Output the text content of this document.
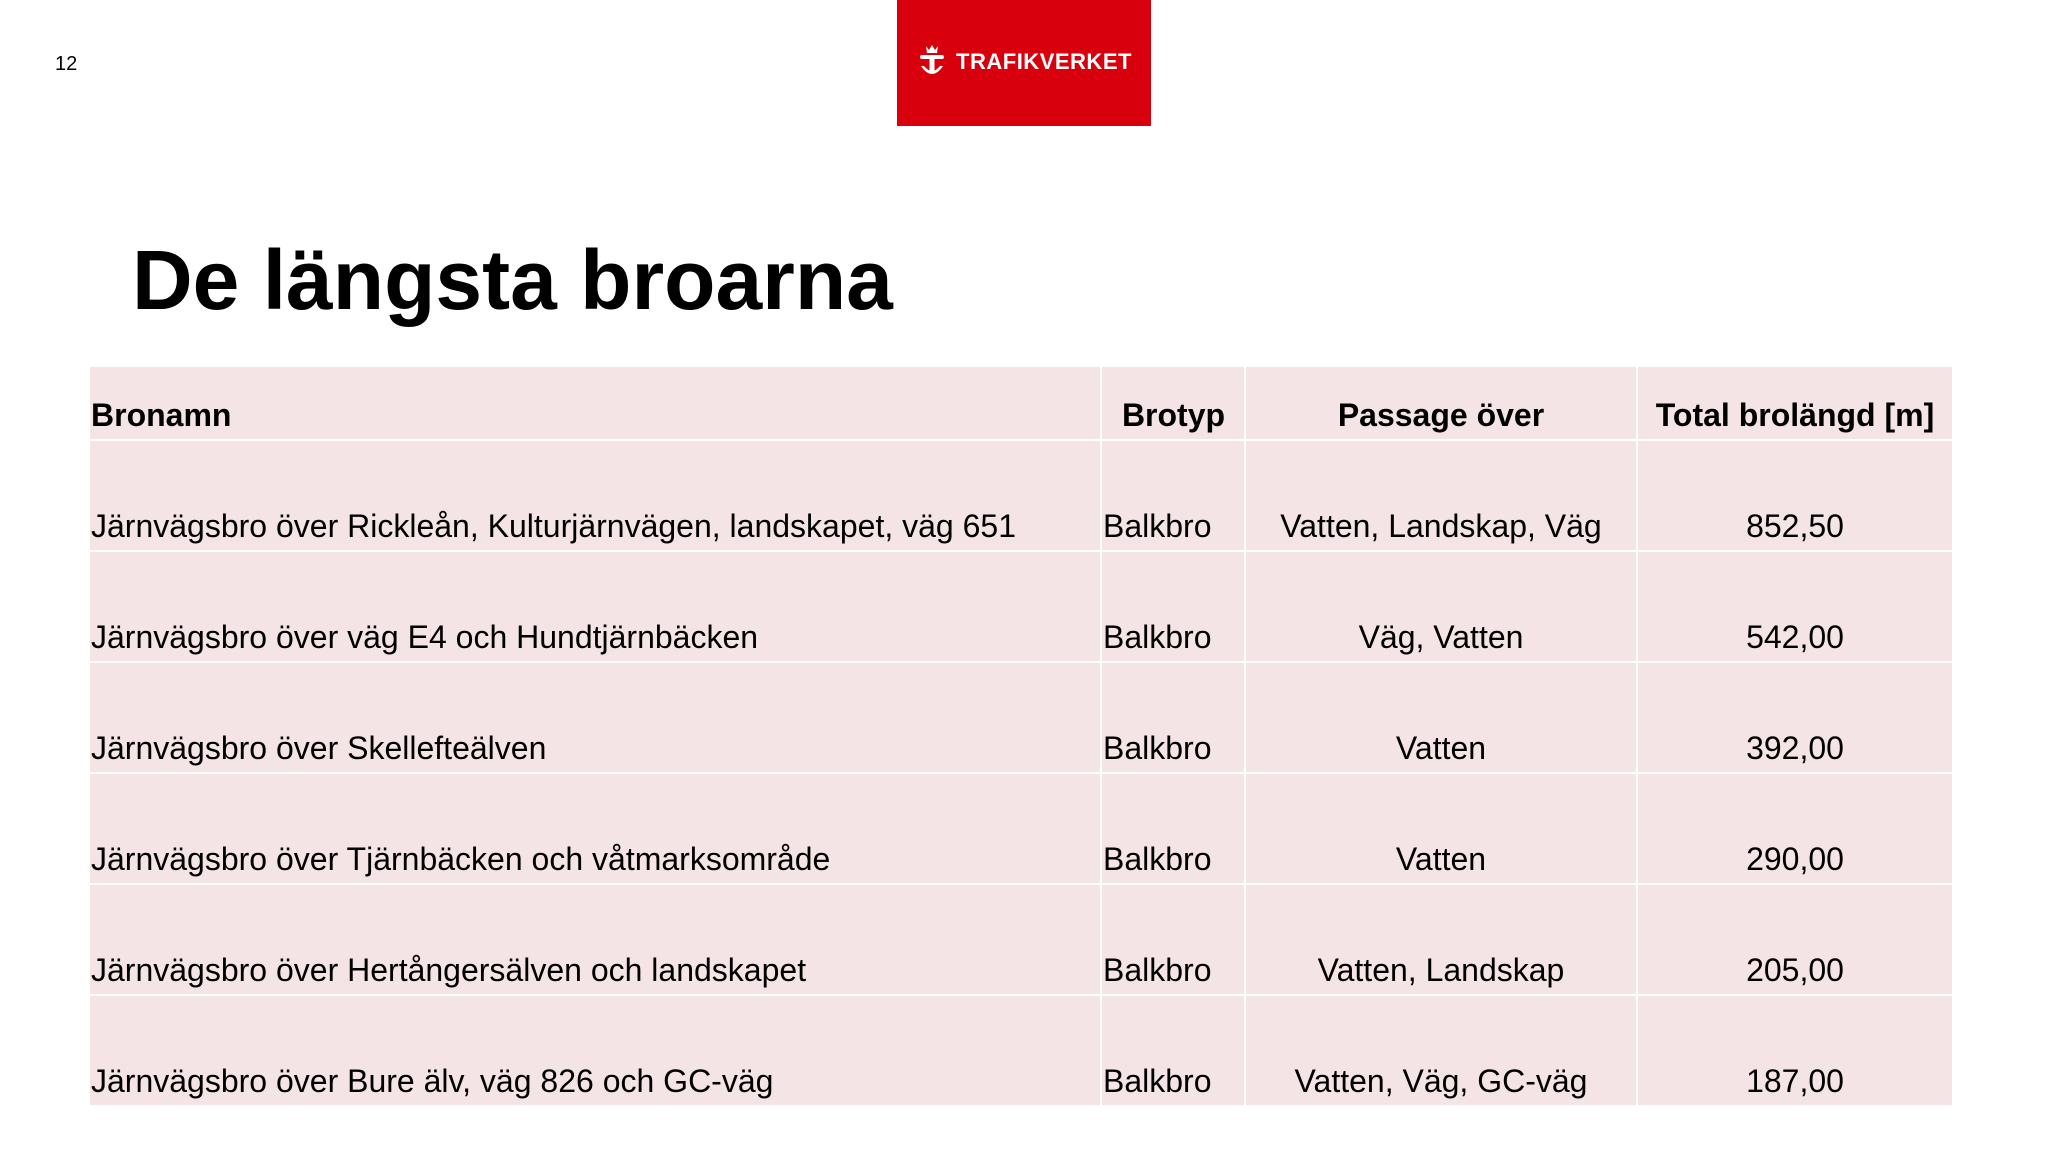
12	TRAFIKVERKET
De längsta broarna
Bronamn	Brotyp	Passage över	Total brolängd [m]
Järnvägsbro över Rickleån, Kulturjärnvägen, landskapet, väg 651	Balkbro	Vatten, Landskap, Väg	852,50
Järnvägsbro över väg E4 och Hundtjärnbäcken	Balkbro	Väg, Vatten	542,00
Järnvägsbro över Skellefteälven	Balkbro	Vatten	392,00
Järnvägsbro över Tjärnbäcken och våtmarksområde	Balkbro	Vatten	290,00
Järnvägsbro över Hertångersälven och landskapet	Balkbro	Vatten, Landskap	205,00
Järnvägsbro över Bure älv, väg 826 och GC-väg	Balkbro	Vatten, Väg, GC-väg	187,00
